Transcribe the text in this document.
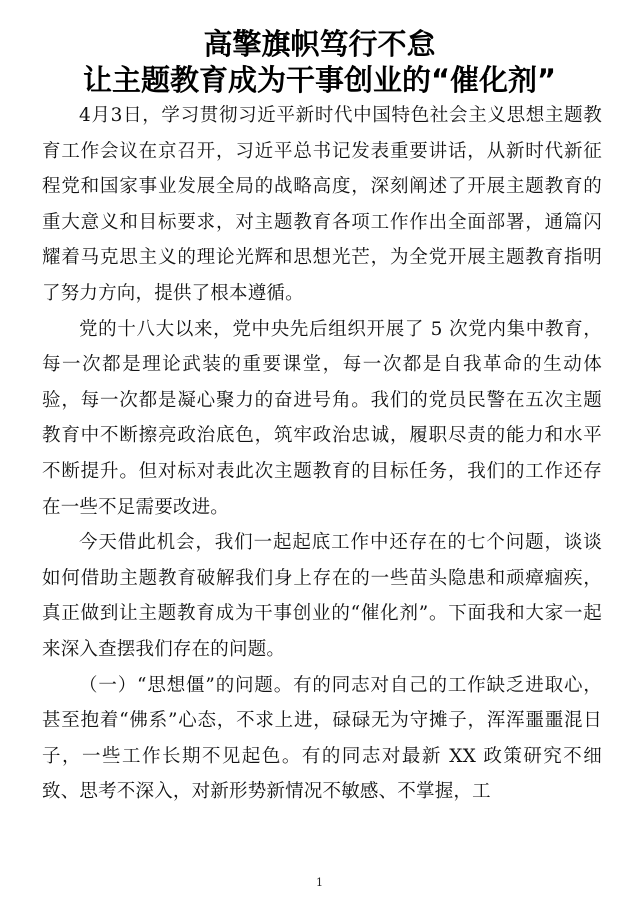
高擎旗帜笃行不怠
让主题教育成为干事创业的“催化剂”

4月3日，学习贯彻习近平新时代中国特色社会主义思想主题教育工作会议在京召开，习近平总书记发表重要讲话，从新时代新征程党和国家事业发展全局的战略高度，深刻阐述了开展主题教育的重大意义和目标要求，对主题教育各项工作作出全面部署，通篇闪耀着马克思主义的理论光辉和思想光芒，为全党开展主题教育指明了努力方向，提供了根本遵循。

党的十八大以来，党中央先后组织开展了 5 次党内集中教育，每一次都是理论武装的重要课堂，每一次都是自我革命的生动体验，每一次都是凝心聚力的奋进号角。我们的党员民警在五次主题教育中不断擦亮政治底色，筑牢政治忠诚，履职尽责的能力和水平不断提升。但对标对表此次主题教育的目标任务，我们的工作还存在一些不足需要改进。

今天借此机会，我们一起起底工作中还存在的七个问题，谈谈如何借助主题教育破解我们身上存在的一些苗头隐患和顽瘴痼疾，真正做到让主题教育成为干事创业的“催化剂”。下面我和大家一起来深入查摆我们存在的问题。

（一）“思想僵”的问题。有的同志对自己的工作缺乏进取心，甚至抱着“佛系”心态，不求上进，碌碌无为守摊子，浑浑噩噩混日子，一些工作长期不见起色。有的同志对最新 XX 政策研究不细致、思考不深入，对新形势新情况不敏感、不掌握，工

1
